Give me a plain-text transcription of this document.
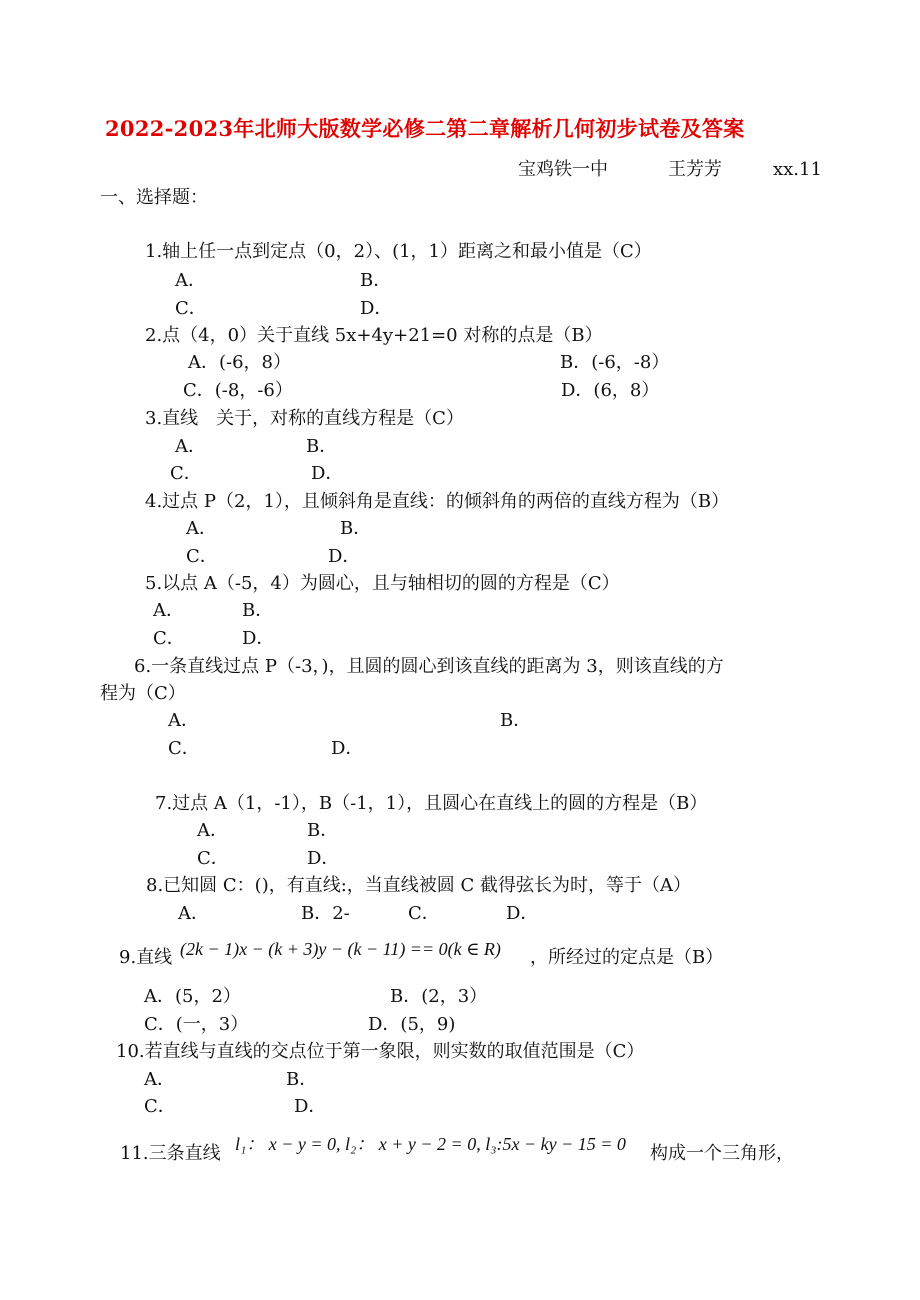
2022-2023年北师大版数学必修二第二章解析几何初步试卷及答案
宝鸡铁一中	王芳芳	xx.11
一、选择题：
1.轴上任一点到定点（0，2）、(1，1）距离之和最小值是（C）
A．	B．
C．	D．
2.点（4，0）关于直线 5x+4y+21=0 对称的点是（B）
A．(-6，8）	B．(-6，-8）
C．(-8，-6）	D．(6，8）
3.直线　关于，对称的直线方程是（C）
A．	B．
C．	D．
4.过点 P（2，1），且倾斜角是直线：的倾斜角的两倍的直线方程为（B）
A．	B．
C．	D．
5.以点 A（-5，4）为圆心，且与轴相切的圆的方程是（C）
A．	B．
C．	D．
6.一条直线过点 P（-3，)，且圆的圆心到该直线的距离为 3，则该直线的方
程为（C）
A．	B．
C．	D．
7.过点 A（1，-1），B（-1，1），且圆心在直线上的圆的方程是（B）
A．	B．
C．	D．
8.已知圆 C：()，有直线:，当直线被圆 C 截得弦长为时，等于（A）
A．	B．2-	C．	D．
9.直线 (2k − 1)x − (k + 3)y − (k − 11) == 0(k ∈ R) ，所经过的定点是（B）
A．(5，2）	B．(2，3）
C．(一，3）	D．(5，9)
10.若直线与直线的交点位于第一象限，则实数的取值范围是（C）
A．	B．
C．	D．
11.三条直线 l₁： x − y = 0, l₂： x + y − 2 = 0, l₃:5x − ky − 15 = 0 构成一个三角形，
